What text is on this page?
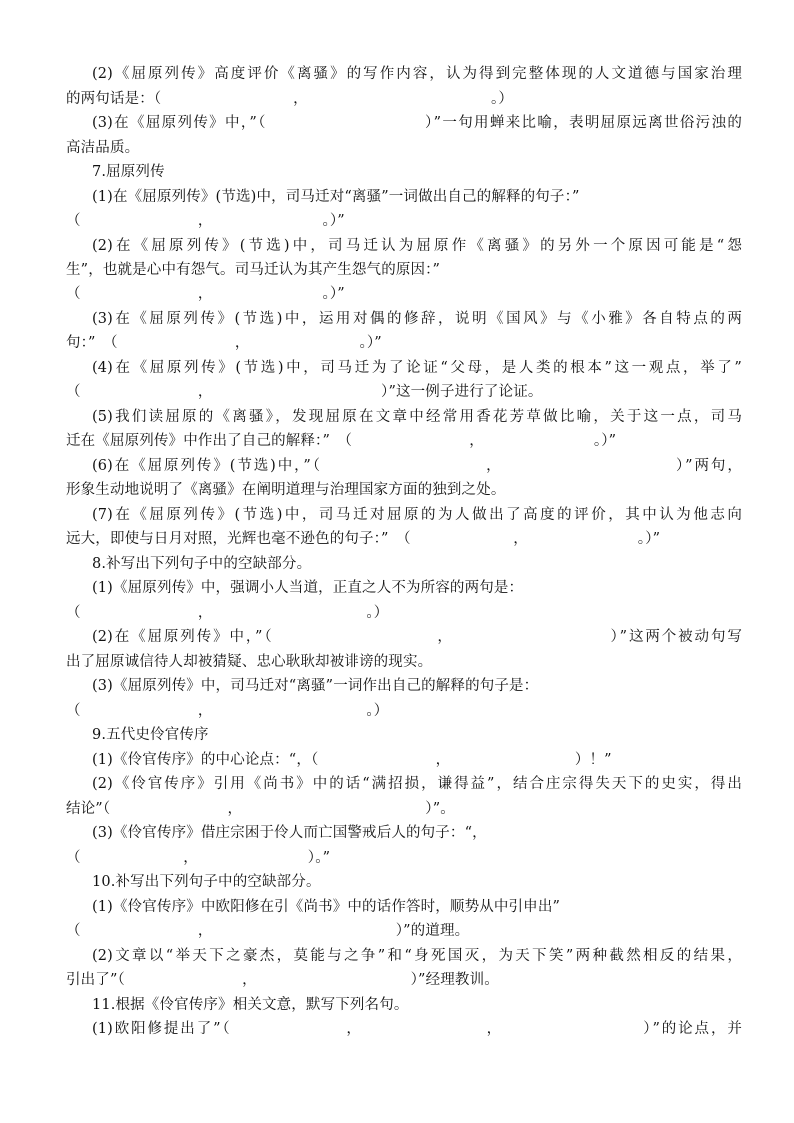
(2)《屈原列传》高度评价《离骚》的写作内容，认为得到完整体现的人文道德与国家治理
的两句话是：（　　　　　　　　　，　　　　　　　　　　　　　。）
(3)在《屈原列传》中，”（　　　　　　　　　　）”一句用蝉来比喻，表明屈原远离世俗污浊的
高洁品质。
7.屈原列传
(1)在《屈原列传》(节选)中，司马迁对“离骚”一词做出自己的解释的句子：”
（　　　　　　　　，　　　　　　　　。）”
(2)在《屈原列传》(节选)中，司马迁认为屈原作《离骚》的另外一个原因可能是“怨
生”，也就是心中有怨气。司马迁认为其产生怨气的原因：”
（　　　　　　　　，　　　　　　　　。）”
(3)在《屈原列传》(节选)中，运用对偶的修辞，说明《国风》与《小雅》各自特点的两
句：”　（　　　　　　　　，　　　　　　　　。）”
(4)在《屈原列传》(节选)中，司马迁为了论证“父母，是人类的根本”这一观点，举了”
（　　　　　　　　，　　　　　　　　　　　　）”这一例子进行了论证。
(5)我们读屈原的《离骚》，发现屈原在文章中经常用香花芳草做比喻，关于这一点，司马
迁在《屈原列传》中作出了自己的解释：”　（　　　　　　　　，　　　　　　　　。）”
(6)在《屈原列传》(节选)中，”（　　　　　　　　　　，　　　　　　　　　　　）”两句，
形象生动地说明了《离骚》在阐明道理与治理国家方面的独到之处。
(7)在《屈原列传》(节选)中，司马迁对屈原的为人做出了高度的评价，其中认为他志向
远大，即使与日月对照，光辉也毫不逊色的句子：”　（　　　　　　　，　　　　　　　　。）”
8.补写出下列句子中的空缺部分。
(1)《屈原列传》中，强调小人当道，正直之人不为所容的两句是：
（　　　　　　　　，　　　　　　　　　　　。）
(2)在《屈原列传》中，”（　　　　　　　　　　，　　　　　　　　　　）”这两个被动句写
出了屈原诚信待人却被猜疑、忠心耿耿却被诽谤的现实。
(3)《屈原列传》中，司马迁对“离骚”一词作出自己的解释的句子是：
（　　　　　　　　，　　　　　　　　　　　。）
9.五代史伶官传序
(1)《伶官传序》的中心论点：“，（　　　　　　　　，　　　　　　　　　）！”
(2)《伶官传序》引用《尚书》中的话“满招损，谦得益”，结合庄宗得失天下的史实，得出
结论”（　　　　　　　　，　　　　　　　　　　　　　）”。
(3)《伶官传序》借庄宗困于伶人而亡国警戒后人的句子：“，
（　　　　　　　，　　　　　　　　）。”
10.补写出下列句子中的空缺部分。
(1)《伶官传序》中欧阳修在引《尚书》中的话作答时，顺势从中引申出”
（　　　　　　　　，　　　　　　　　　　　　　）”的道理。
(2)文章以“举天下之豪杰，莫能与之争”和“身死国灭，为天下笑”两种截然相反的结果，
引出了”（　　　　　　　　，　　　　　　　　　　　）”经理教训。
11.根据《伶官传序》相关文意，默写下列名句。
(1)欧阳修提出了”（　　　　　　　，　　　　　　　　，　　　　　　　　　）”的论点，并
